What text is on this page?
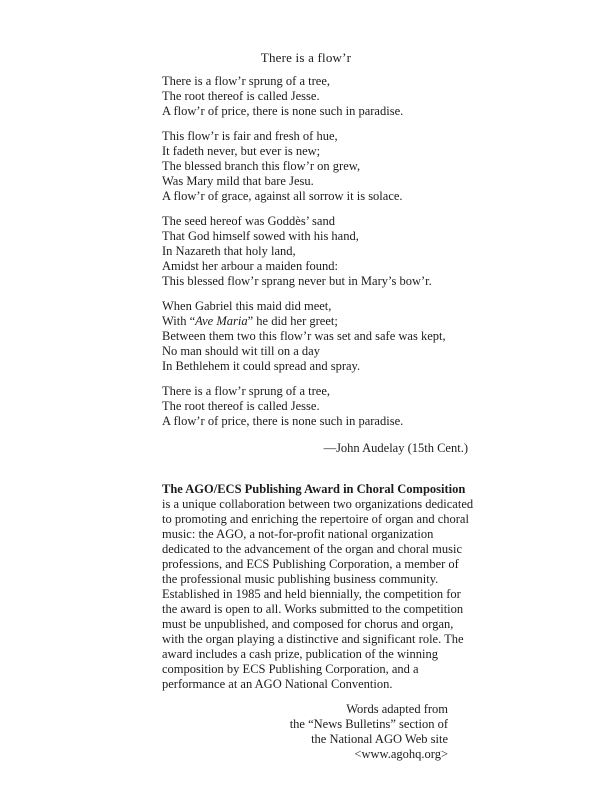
There is a flow’r
There is a flow’r sprung of a tree,
The root thereof is called Jesse.
A flow’r of price, there is none such in paradise.
This flow’r is fair and fresh of hue,
It fadeth never, but ever is new;
The blessed branch this flow’r on grew,
Was Mary mild that bare Jesu.
A flow’r of grace, against all sorrow it is solace.
The seed hereof was Goddès’ sand
That God himself sowed with his hand,
In Nazareth that holy land,
Amidst her arbour a maiden found:
This blessed flow’r sprang never but in Mary’s bow’r.
When Gabriel this maid did meet,
With “Ave Maria” he did her greet;
Between them two this flow’r was set and safe was kept,
No man should wit till on a day
In Bethlehem it could spread and spray.
There is a flow’r sprung of a tree,
The root thereof is called Jesse.
A flow’r of price, there is none such in paradise.
—John Audelay (15th Cent.)
The AGO/ECS Publishing Award in Choral Composition is a unique collaboration between two organizations dedicated to promoting and enriching the repertoire of organ and choral music: the AGO, a not-for-profit national organization dedicated to the advancement of the organ and choral music professions, and ECS Publishing Corporation, a member of the professional music publishing business community. Established in 1985 and held biennially, the competition for the award is open to all. Works submitted to the competition must be unpublished, and composed for chorus and organ, with the organ playing a distinctive and significant role. The award includes a cash prize, publication of the winning composition by ECS Publishing Corporation, and a performance at an AGO National Convention.
Words adapted from
the “News Bulletins” section of
the National AGO Web site
<www.agohq.org>
